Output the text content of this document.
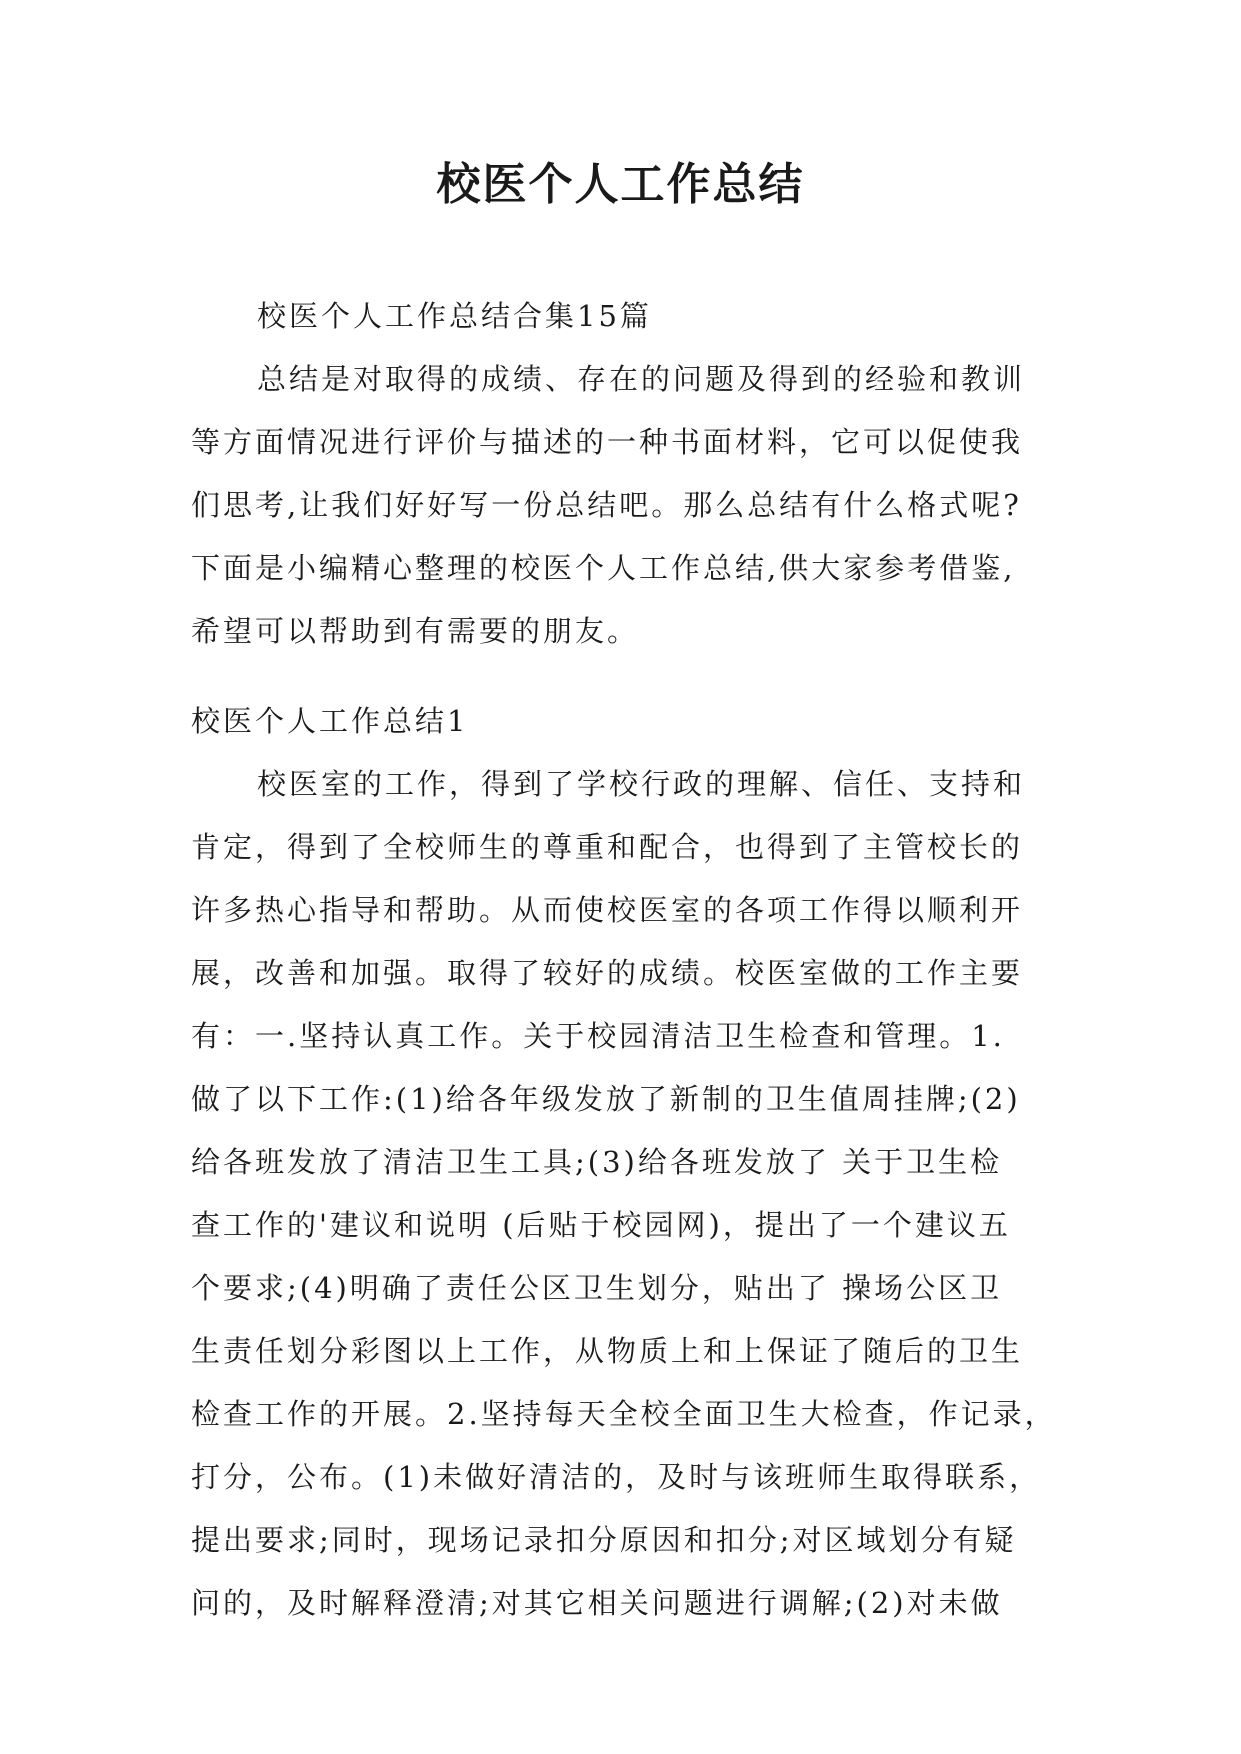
校医个人工作总结
校医个人工作总结合集15篇
总结是对取得的成绩、存在的问题及得到的经验和教训
等方面情况进行评价与描述的一种书面材料，它可以促使我
们思考,让我们好好写一份总结吧。那么总结有什么格式呢?
下面是小编精心整理的校医个人工作总结,供大家参考借鉴,
希望可以帮助到有需要的朋友。
校医个人工作总结1
校医室的工作，得到了学校行政的理解、信任、支持和
肯定，得到了全校师生的尊重和配合，也得到了主管校长的
许多热心指导和帮助。从而使校医室的各项工作得以顺利开
展，改善和加强。取得了较好的成绩。校医室做的工作主要
有：一.坚持认真工作。关于校园清洁卫生检查和管理。1.
做了以下工作:(1)给各年级发放了新制的卫生值周挂牌;(2)
给各班发放了清洁卫生工具;(3)给各班发放了 关于卫生检
查工作的'建议和说明 (后贴于校园网)，提出了一个建议五
个要求;(4)明确了责任公区卫生划分，贴出了 操场公区卫
生责任划分彩图以上工作，从物质上和上保证了随后的卫生
检查工作的开展。2.坚持每天全校全面卫生大检查，作记录，
打分，公布。(1)未做好清洁的，及时与该班师生取得联系，
提出要求;同时，现场记录扣分原因和扣分;对区域划分有疑
问的，及时解释澄清;对其它相关问题进行调解;(2)对未做
